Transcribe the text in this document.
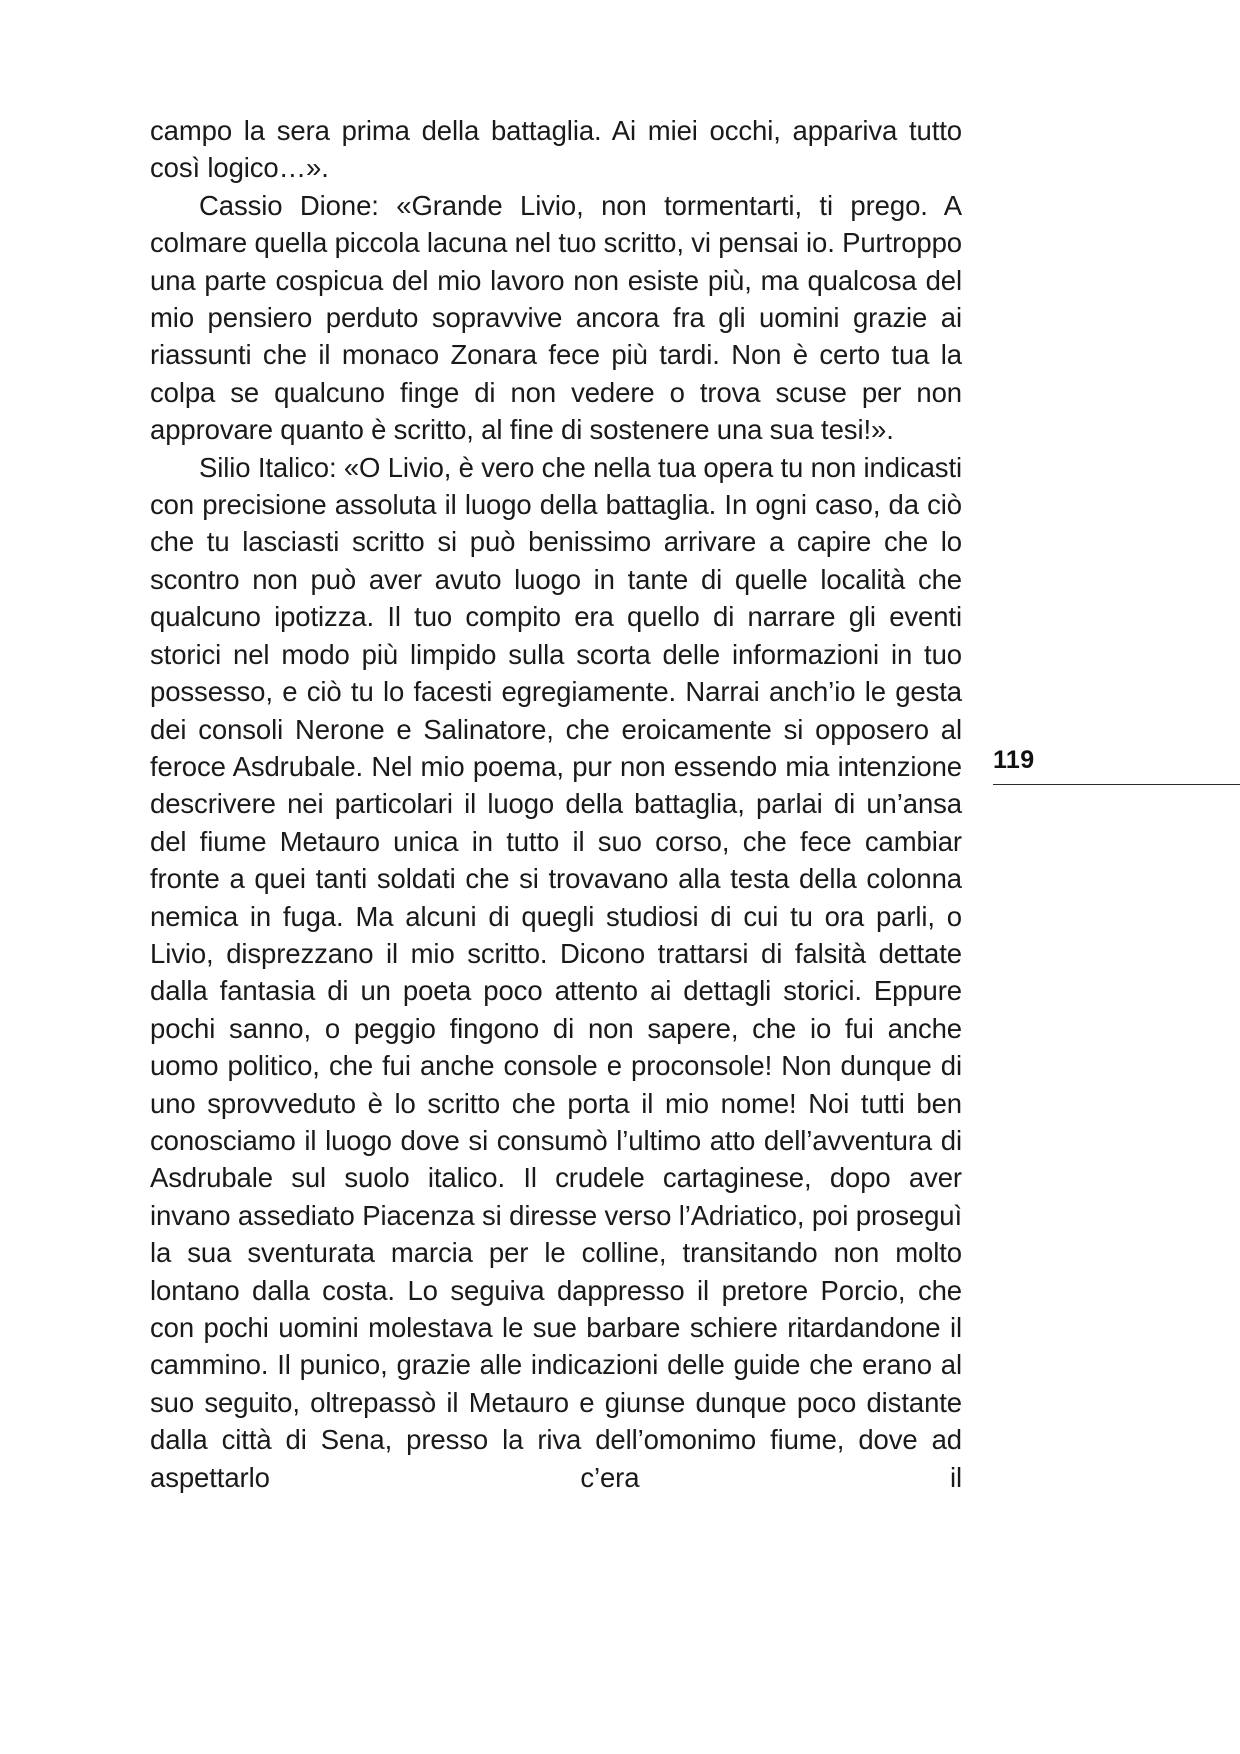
campo la sera prima della battaglia. Ai miei occhi, appariva tutto così logico…».

Cassio Dione: «Grande Livio, non tormentarti, ti prego. A colmare quella piccola lacuna nel tuo scritto, vi pensai io. Purtroppo una parte cospicua del mio lavoro non esiste più, ma qualcosa del mio pensiero perduto sopravvive ancora fra gli uomini grazie ai riassunti che il monaco Zonara fece più tardi. Non è certo tua la colpa se qualcuno finge di non vedere o trova scuse per non approvare quanto è scritto, al fine di sostenere una sua tesi!».

Silio Italico: «O Livio, è vero che nella tua opera tu non indicasti con precisione assoluta il luogo della battaglia. In ogni caso, da ciò che tu lasciasti scritto si può benissimo arrivare a capire che lo scontro non può aver avuto luogo in tante di quelle località che qualcuno ipotizza. Il tuo compito era quello di narrare gli eventi storici nel modo più limpido sulla scorta delle informazioni in tuo possesso, e ciò tu lo facesti egregiamente. Narrai anch’io le gesta dei consoli Nerone e Salinatore, che eroicamente si opposero al feroce Asdrubale. Nel mio poema, pur non essendo mia intenzione descrivere nei particolari il luogo della battaglia, parlai di un’ansa del fiume Metauro unica in tutto il suo corso, che fece cambiar fronte a quei tanti soldati che si trovavano alla testa della colonna nemica in fuga. Ma alcuni di quegli studiosi di cui tu ora parli, o Livio, disprezzano il mio scritto. Dicono trattarsi di falsità dettate dalla fantasia di un poeta poco attento ai dettagli storici. Eppure pochi sanno, o peggio fingono di non sapere, che io fui anche uomo politico, che fui anche console e proconsole! Non dunque di uno sprovveduto è lo scritto che porta il mio nome! Noi tutti ben conosciamo il luogo dove si consumò l’ultimo atto dell’avventura di Asdrubale sul suolo italico. Il crudele cartaginese, dopo aver invano assediato Piacenza si diresse verso l’Adriatico, poi proseguì la sua sventurata marcia per le colline, transitando non molto lontano dalla costa. Lo seguiva dappresso il pretore Porcio, che con pochi uomini molestava le sue barbare schiere ritardandone il cammino. Il punico, grazie alle indicazioni delle guide che erano al suo seguito, oltrepassò il Metauro e giunse dunque poco distante dalla città di Sena, presso la riva dell’omonimo fiume, dove ad aspettarlo c’era il

119
